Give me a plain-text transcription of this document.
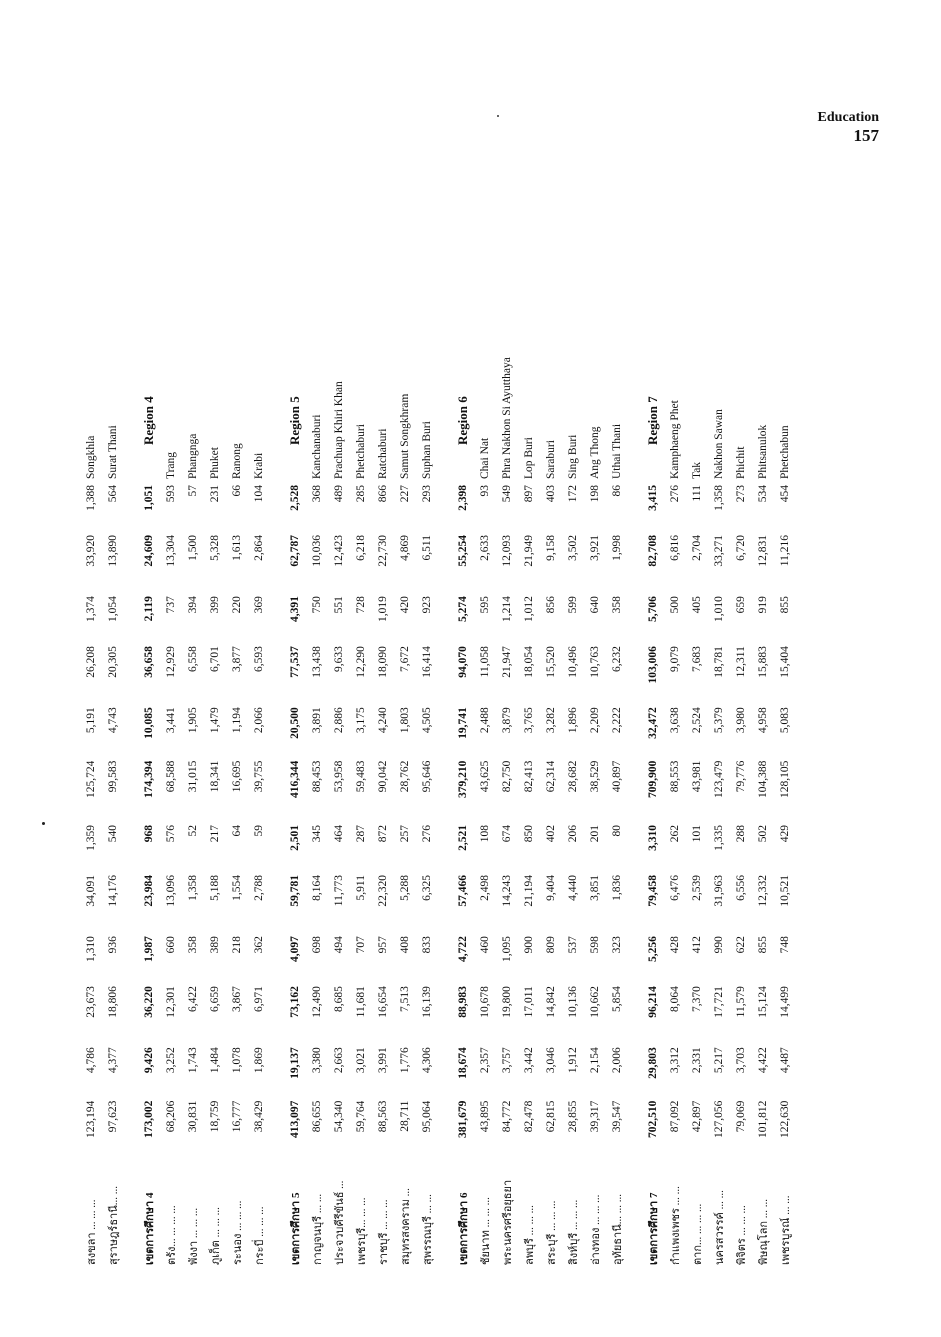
Education
157
สงขลา ... ... ...	123,194	4,786	23,673	1,310	34,091	1,359	125,724	5,191	26,208	1,374	33,920	1,388	Songkhla
สุราษฎร์ธานี... ...	97,623	4,377	18,806	936	14,176	540	99,583	4,743	20,305	1,054	13,890	564	Surat Thani

เขตการศึกษา 4	173,002	9,426	36,220	1,987	23,984	968	174,394	10,085	36,658	2,119	24,609	1,051	Region 4
ตรัง... ... ... ...	68,206	3,252	12,301	660	13,096	576	68,588	3,441	12,929	737	13,304	593	Trang
พังงา ... ... ...	30,831	1,743	6,422	358	1,358	52	31,015	1,905	6,558	394	1,500	57	Phangnga
ภูเก็ต ... ... ...	18,759	1,484	6,659	389	5,188	217	18,341	1,479	6,701	399	5,328	231	Phuket
ระนอง ... ... ...	16,777	1,078	3,867	218	1,554	64	16,695	1,194	3,877	220	1,613	66	Ranong
กระบี่ ... ... ...	38,429	1,869	6,971	362	2,788	59	39,755	2,066	6,593	369	2,864	104	Krabi

เขตการศึกษา 5	413,097	19,137	73,162	4,097	59,781	2,501	416,344	20,500	77,537	4,391	62,787	2,528	Region 5
กาญจนบุรี ... ...	86,655	3,380	12,490	698	8,164	345	88,453	3,891	13,438	750	10,036	368	Kanchanaburi
ประจวบคีรีขันธ์ ...	54,340	2,663	8,685	494	11,773	464	53,958	2,886	9,633	551	12,423	489	Prachuap Khiri Khan
เพชรบุรี... ... ...	59,764	3,021	11,681	707	5,911	287	59,483	3,175	12,290	728	6,218	285	Phetchaburi
ราชบุรี ... ... ...	88,563	3,991	16,654	957	22,320	872	90,042	4,240	18,090	1,019	22,730	866	Ratchaburi
สมุทรสงคราม ...	28,711	1,776	7,513	408	5,288	257	28,762	1,803	7,672	420	4,869	227	Samut Songkhram
สุพรรณบุรี ... ...	95,064	4,306	16,139	833	6,325	276	95,646	4,505	16,414	923	6,511	293	Suphan Buri

เขตการศึกษา 6	381,679	18,674	88,983	4,722	57,466	2,521	379,210	19,741	94,070	5,274	55,254	2,398	Region 6
ชัยนาท ... ... ...	43,895	2,357	10,678	460	2,498	108	43,625	2,488	11,058	595	2,633	93	Chai Nat
พระนครศรีอยุธยา	84,772	3,757	19,800	1,095	14,243	674	82,750	3,879	21,947	1,214	12,093	549	Phra Nakhon Si Ayutthaya
ลพบุรี ... ... ...	82,478	3,442	17,011	900	21,194	850	82,413	3,765	18,054	1,012	21,949	897	Lop Buri
สระบุรี ... ... ...	62,815	3,046	14,842	809	9,404	402	62,314	3,282	15,520	856	9,158	403	Saraburi
สิงห์บุรี ... ... ...	28,855	1,912	10,136	537	4,440	206	28,682	1,896	10,496	599	3,502	172	Sing Buri
อ่างทอง ... ... ...	39,317	2,154	10,662	598	3,851	201	38,529	2,209	10,763	640	3,921	198	Ang Thong
อุทัยธานี... ... ...	39,547	2,006	5,854	323	1,836	80	40,897	2,222	6,232	358	1,998	86	Uthai Thani

เขตการศึกษา 7	702,510	29,803	96,214	5,256	79,458	3,310	709,900	32,472	103,006	5,706	82,708	3,415	Region 7
กำแพงเพชร ... ...	87,092	3,312	8,064	428	6,476	262	88,553	3,638	9,079	500	6,816	276	Kamphaeng Phet
ตาก... ... ... ...	42,897	2,331	7,370	412	2,539	101	43,981	2,524	7,683	405	2,704	111	Tak
นครสวรรค์ ... ...	127,056	5,217	17,721	990	31,963	1,335	123,479	5,379	18,781	1,010	33,271	1,358	Nakhon Sawan
พิจิตร ... ... ...	79,069	3,703	11,579	622	6,556	288	79,776	3,980	12,311	659	6,720	273	Phichit
พิษณุโลก ... ...	101,812	4,422	15,124	855	12,332	502	104,388	4,958	15,883	919	12,831	534	Phitsanulok
เพชรบูรณ์ ... ...	122,630	4,487	14,499	748	10,521	429	128,105	5,083	15,404	855	11,216	454	Phetchabun
